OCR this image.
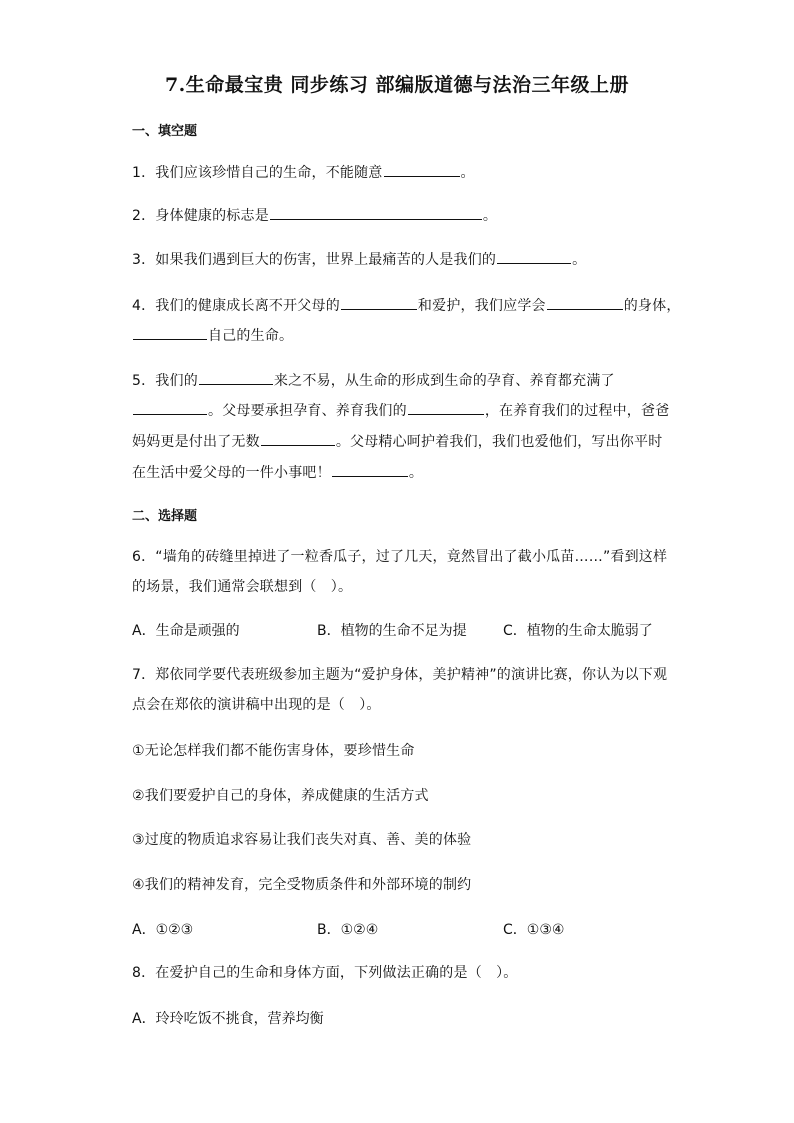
7.生命最宝贵 同步练习 部编版道德与法治三年级上册
一、填空题
1．我们应该珍惜自己的生命，不能随意	。
2．身体健康的标志是	。
3．如果我们遇到巨大的伤害，世界上最痛苦的人是我们的	。
4．我们的健康成长离不开父母的	和爱护，我们应学会	的身体，
自己的生命。
5．我们的	来之不易，从生命的形成到生命的孕育、养育都充满了
。父母要承担孕育、养育我们的	，在养育我们的过程中，爸爸
妈妈更是付出了无数	。父母精心呵护着我们，我们也爱他们，写出你平时
在生活中爱父母的一件小事吧！	。
二、选择题
6．“墙角的砖缝里掉进了一粒香瓜子，过了几天，竟然冒出了截小瓜苗……”看到这样
的场景，我们通常会联想到（　）。
A．生命是顽强的	B．植物的生命不足为提	C．植物的生命太脆弱了
7．郑依同学要代表班级参加主题为“爱护身体，美护精神”的演讲比赛，你认为以下观
点会在郑依的演讲稿中出现的是（　）。
①无论怎样我们都不能伤害身体，要珍惜生命
②我们要爱护自己的身体，养成健康的生活方式
③过度的物质追求容易让我们丧失对真、善、美的体验
④我们的精神发育，完全受物质条件和外部环境的制约
A．①②③	B．①②④	C．①③④
8．在爱护自己的生命和身体方面，下列做法正确的是（　）。
A．玲玲吃饭不挑食，营养均衡
